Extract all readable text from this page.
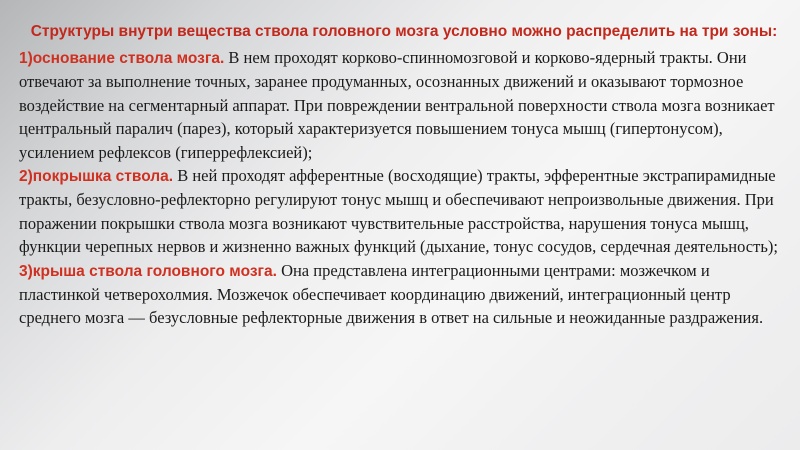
Структуры внутри вещества ствола головного мозга условно можно распределить на три зоны:

1)основание ствола мозга. В нем проходят корково-спинномозговой и корково-ядерный тракты. Они отвечают за выполнение точных, заранее продуманных, осознанных движений и оказывают тормозное воздействие на сегментарный аппарат. При повреждении вентральной поверхности ствола мозга возникает центральный паралич (парез), который характеризуется повышением тонуса мышц (гипертонусом), усилением рефлексов (гиперрефлексией);

2)покрышка ствола. В ней проходят афферентные (восходящие) тракты, эфферентные экстрапирамидные тракты, безусловно-рефлекторно регулируют тонус мышц и обеспечивают непроизвольные движения. При поражении покрышки ствола мозга возникают чувствительные расстройства, нарушения тонуса мышц, функции черепных нервов и жизненно важных функций (дыхание, тонус сосудов, сердечная деятельность);

3)крыша ствола головного мозга. Она представлена интеграционными центрами: мозжечком и пластинкой четверохолмия. Мозжечок обеспечивает координацию движений, интеграционный центр среднего мозга — безусловные рефлекторные движения в ответ на сильные и неожиданные раздражения.
